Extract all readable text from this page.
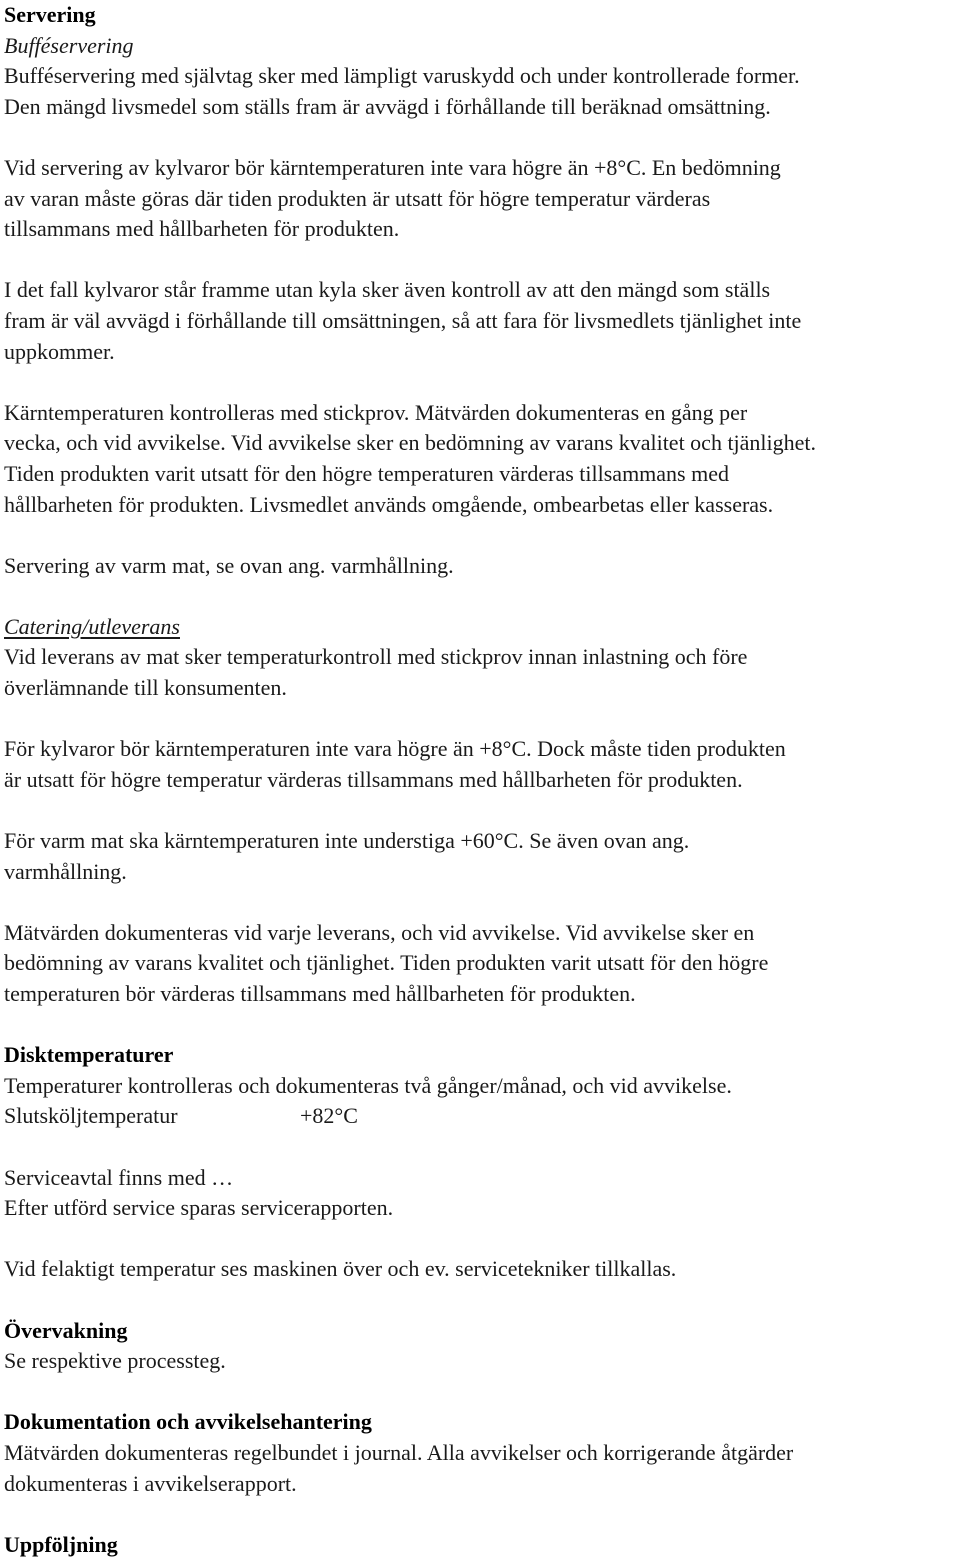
Servering
Bufféservering
Bufféservering med självtag sker med lämpligt varuskydd och under kontrollerade former.
Den mängd livsmedel som ställs fram är avvägd i förhållande till beräknad omsättning.
Vid servering av kylvaror bör kärntemperaturen inte vara högre än +8°C. En bedömning
av varan måste göras där tiden produkten är utsatt för högre temperatur värderas
tillsammans med hållbarheten för produkten.
I det fall kylvaror står framme utan kyla sker även kontroll av att den mängd som ställs
fram är väl avvägd i förhållande till omsättningen, så att fara för livsmedlets tjänlighet inte
uppkommer.
Kärntemperaturen kontrolleras med stickprov. Mätvärden dokumenteras en gång per
vecka, och vid avvikelse. Vid avvikelse sker en bedömning av varans kvalitet och tjänlighet.
Tiden produkten varit utsatt för den högre temperaturen värderas tillsammans med
hållbarheten för produkten. Livsmedlet används omgående, ombearbetas eller kasseras.
Servering av varm mat, se ovan ang. varmhållning.
Catering/utleverans
Vid leverans av mat sker temperaturkontroll med stickprov innan inlastning och före
överlämnande till konsumenten.
För kylvaror bör kärntemperaturen inte vara högre än +8°C. Dock måste tiden produkten
är utsatt för högre temperatur värderas tillsammans med hållbarheten för produkten.
För varm mat ska kärntemperaturen inte understiga +60°C. Se även ovan ang.
varmhållning.
Mätvärden dokumenteras vid varje leverans, och vid avvikelse. Vid avvikelse sker en
bedömning av varans kvalitet och tjänlighet. Tiden produkten varit utsatt för den högre
temperaturen bör värderas tillsammans med hållbarheten för produkten.
Disktemperaturer
Temperaturer kontrolleras och dokumenteras två gånger/månad, och vid avvikelse.
Slutsköljtemperatur	+82°C
Serviceavtal finns med …
Efter utförd service sparas servicerapporten.
Vid felaktigt temperatur ses maskinen över och ev. servicetekniker tillkallas.
Övervakning
Se respektive processteg.
Dokumentation och avvikelsehantering
Mätvärden dokumenteras regelbundet i journal. Alla avvikelser och korrigerande åtgärder
dokumenteras i avvikelserapport.
Uppföljning
